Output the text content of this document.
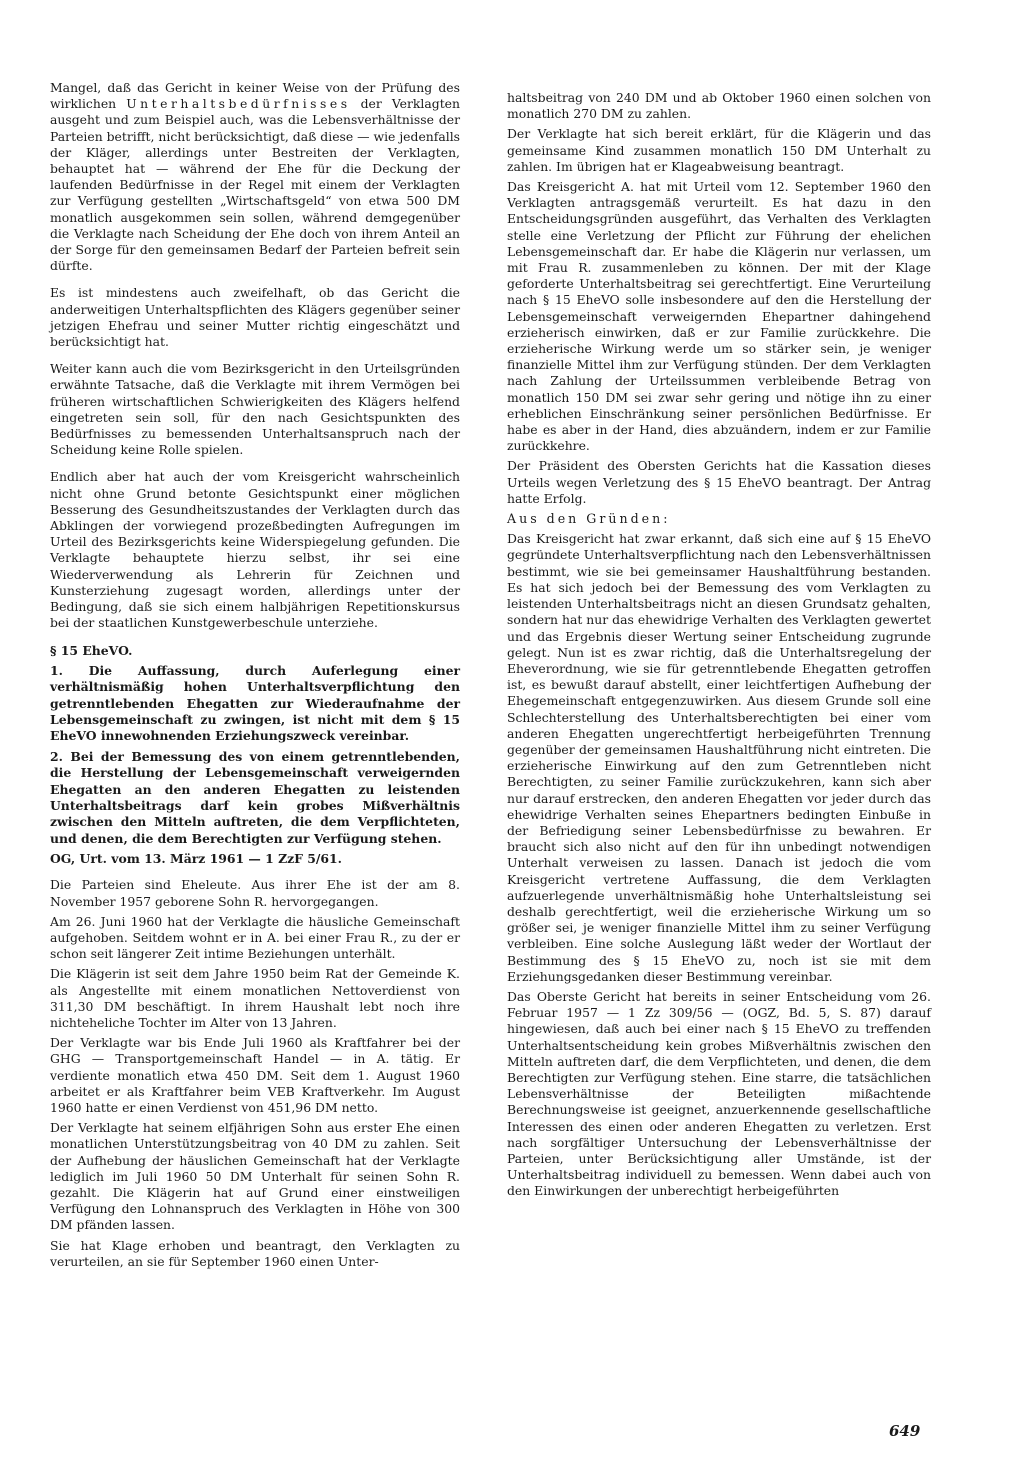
Mangel, daß das Gericht in keiner Weise von der Prüfung des wirklichen Unterhaltsbedürfnisses der Verklagten ausgeht und zum Beispiel auch, was die Lebensverhältnisse der Parteien betrifft, nicht berücksichtigt, daß diese — wie jedenfalls der Kläger, allerdings unter Bestreiten der Verklagten, behauptet hat — während der Ehe für die Deckung der laufenden Bedürfnisse in der Regel mit einem der Verklagten zur Verfügung gestellten „Wirtschaftsgeld“ von etwa 500 DM monatlich ausgekommen sein sollen, während demgegenüber die Verklagte nach Scheidung der Ehe doch von ihrem Anteil an der Sorge für den gemeinsamen Bedarf der Parteien befreit sein dürfte.

Es ist mindestens auch zweifelhaft, ob das Gericht die anderweitigen Unterhaltspflichten des Klägers gegenüber seiner jetzigen Ehefrau und seiner Mutter richtig eingeschätzt und berücksichtigt hat.

Weiter kann auch die vom Bezirksgericht in den Urteilsgründen erwähnte Tatsache, daß die Verklagte mit ihrem Vermögen bei früheren wirtschaftlichen Schwierigkeiten des Klägers helfend eingetreten sein soll, für den nach Gesichtspunkten des Bedürfnisses zu bemessenden Unterhaltsanspruch nach der Scheidung keine Rolle spielen.

Endlich aber hat auch der vom Kreisgericht wahrscheinlich nicht ohne Grund betonte Gesichtspunkt einer möglichen Besserung des Gesundheitszustandes der Verklagten durch das Abklingen der vorwiegend prozeßbedingten Aufregungen im Urteil des Bezirksgerichts keine Widerspiegelung gefunden. Die Verklagte behauptete hierzu selbst, ihr sei eine Wiederverwendung als Lehrerin für Zeichnen und Kunsterziehung zugesagt worden, allerdings unter der Bedingung, daß sie sich einem halbjährigen Repetitionskursus bei der staatlichen Kunstgewerbeschule unterziehe.

§ 15 EheVO.

1. Die Auffassung, durch Auferlegung einer verhältnismäßig hohen Unterhaltsverpflichtung den getrenntlebenden Ehegatten zur Wiederaufnahme der Lebensgemeinschaft zu zwingen, ist nicht mit dem § 15 EheVO innewohnenden Erziehungszweck vereinbar.

2. Bei der Bemessung des von einem getrenntlebenden, die Herstellung der Lebensgemeinschaft verweigernden Ehegatten an den anderen Ehegatten zu leistenden Unterhaltsbeitrags darf kein grobes Mißverhältnis zwischen den Mitteln auftreten, die dem Verpflichteten, und denen, die dem Berechtigten zur Verfügung stehen.

OG, Urt. vom 13. März 1961 — 1 ZzF 5/61.

Die Parteien sind Eheleute. Aus ihrer Ehe ist der am 8. November 1957 geborene Sohn R. hervorgegangen.

Am 26. Juni 1960 hat der Verklagte die häusliche Gemeinschaft aufgehoben. Seitdem wohnt er in A. bei einer Frau R., zu der er schon seit längerer Zeit intime Beziehungen unterhält.

Die Klägerin ist seit dem Jahre 1950 beim Rat der Gemeinde K. als Angestellte mit einem monatlichen Nettoverdienst von 311,30 DM beschäftigt. In ihrem Haushalt lebt noch ihre nichteheliche Tochter im Alter von 13 Jahren.

Der Verklagte war bis Ende Juli 1960 als Kraftfahrer bei der GHG — Transportgemeinschaft Handel — in A. tätig. Er verdiente monatlich etwa 450 DM. Seit dem 1. August 1960 arbeitet er als Kraftfahrer beim VEB Kraftverkehr. Im August 1960 hatte er einen Verdienst von 451,96 DM netto.

Der Verklagte hat seinem elfjährigen Sohn aus erster Ehe einen monatlichen Unterstützungsbeitrag von 40 DM zu zahlen. Seit der Aufhebung der häuslichen Gemeinschaft hat der Verklagte lediglich im Juli 1960 50 DM Unterhalt für seinen Sohn R. gezahlt. Die Klägerin hat auf Grund einer einstweiligen Verfügung den Lohnanspruch des Verklagten in Höhe von 300 DM pfänden lassen.

Sie hat Klage erhoben und beantragt, den Verklagten zu verurteilen, an sie für September 1960 einen Unter-

haltsbeitrag von 240 DM und ab Oktober 1960 einen solchen von monatlich 270 DM zu zahlen.

Der Verklagte hat sich bereit erklärt, für die Klägerin und das gemeinsame Kind zusammen monatlich 150 DM Unterhalt zu zahlen. Im übrigen hat er Klageabweisung beantragt.

Das Kreisgericht A. hat mit Urteil vom 12. September 1960 den Verklagten antragsgemäß verurteilt. Es hat dazu in den Entscheidungsgründen ausgeführt, das Verhalten des Verklagten stelle eine Verletzung der Pflicht zur Führung der ehelichen Lebensgemeinschaft dar. Er habe die Klägerin nur verlassen, um mit Frau R. zusammenleben zu können. Der mit der Klage geforderte Unterhaltsbeitrag sei gerechtfertigt. Eine Verurteilung nach § 15 EheVO solle insbesondere auf den die Herstellung der Lebensgemeinschaft verweigernden Ehepartner dahingehend erzieherisch einwirken, daß er zur Familie zurückkehre. Die erzieherische Wirkung werde um so stärker sein, je weniger finanzielle Mittel ihm zur Verfügung stünden. Der dem Verklagten nach Zahlung der Urteilssummen verbleibende Betrag von monatlich 150 DM sei zwar sehr gering und nötige ihn zu einer erheblichen Einschränkung seiner persönlichen Bedürfnisse. Er habe es aber in der Hand, dies abzuändern, indem er zur Familie zurückkehre.

Der Präsident des Obersten Gerichts hat die Kassation dieses Urteils wegen Verletzung des § 15 EheVO beantragt. Der Antrag hatte Erfolg.

Aus den Gründen:

Das Kreisgericht hat zwar erkannt, daß sich eine auf § 15 EheVO gegründete Unterhaltsverpflichtung nach den Lebensverhältnissen bestimmt, wie sie bei gemeinsamer Haushaltführung bestanden. Es hat sich jedoch bei der Bemessung des vom Verklagten zu leistenden Unterhaltsbeitrags nicht an diesen Grundsatz gehalten, sondern hat nur das ehewidrige Verhalten des Verklagten gewertet und das Ergebnis dieser Wertung seiner Entscheidung zugrunde gelegt. Nun ist es zwar richtig, daß die Unterhaltsregelung der Eheverordnung, wie sie für getrenntlebende Ehegatten getroffen ist, es bewußt darauf abstellt, einer leichtfertigen Aufhebung der Ehegemeinschaft entgegenzuwirken. Aus diesem Grunde soll eine Schlechterstellung des Unterhaltsberechtigten bei einer vom anderen Ehegatten ungerechtfertigt herbeigeführten Trennung gegenüber der gemeinsamen Haushaltführung nicht eintreten. Die erzieherische Einwirkung auf den zum Getrenntleben nicht Berechtigten, zu seiner Familie zurückzukehren, kann sich aber nur darauf erstrecken, den anderen Ehegatten vor jeder durch das ehewidrige Verhalten seines Ehepartners bedingten Einbuße in der Befriedigung seiner Lebensbedürfnisse zu bewahren. Er braucht sich also nicht auf den für ihn unbedingt notwendigen Unterhalt verweisen zu lassen. Danach ist jedoch die vom Kreisgericht vertretene Auffassung, die dem Verklagten aufzuerlegende unverhältnismäßig hohe Unterhaltsleistung sei deshalb gerechtfertigt, weil die erzieherische Wirkung um so größer sei, je weniger finanzielle Mittel ihm zu seiner Verfügung verbleiben. Eine solche Auslegung läßt weder der Wortlaut der Bestimmung des § 15 EheVO zu, noch ist sie mit dem Erziehungsgedanken dieser Bestimmung vereinbar.

Das Oberste Gericht hat bereits in seiner Entscheidung vom 26. Februar 1957 — 1 Zz 309/56 — (OGZ, Bd. 5, S. 87) darauf hingewiesen, daß auch bei einer nach § 15 EheVO zu treffenden Unterhaltsentscheidung kein grobes Mißverhältnis zwischen den Mitteln auftreten darf, die dem Verpflichteten, und denen, die dem Berechtigten zur Verfügung stehen. Eine starre, die tatsächlichen Lebensverhältnisse der Beteiligten mißachtende Berechnungsweise ist geeignet, anzuerkennende gesellschaftliche Interessen des einen oder anderen Ehegatten zu verletzen. Erst nach sorgfältiger Untersuchung der Lebensverhältnisse der Parteien, unter Berücksichtigung aller Umstände, ist der Unterhaltsbeitrag individuell zu bemessen. Wenn dabei auch von den Einwirkungen der unberechtigt herbeigeführten

649
